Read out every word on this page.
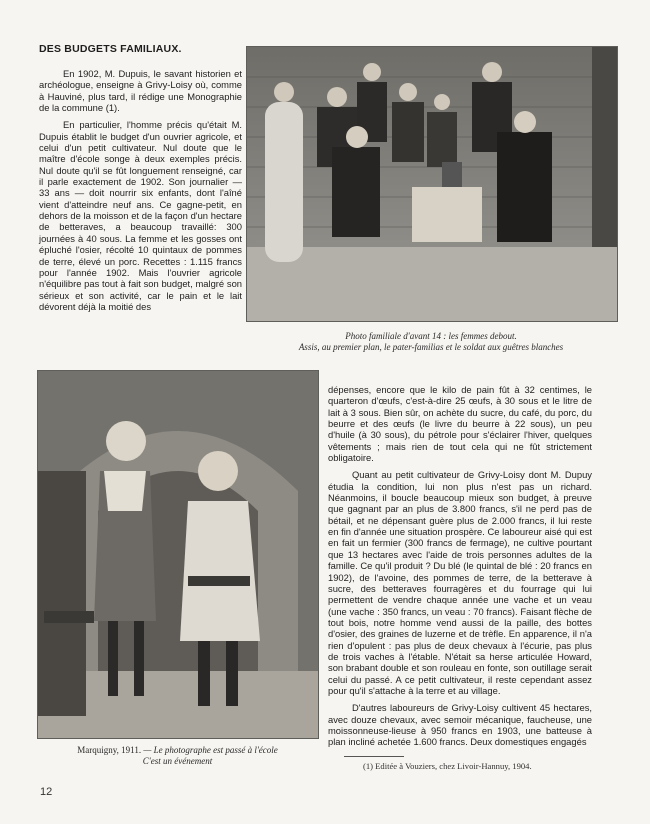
DES BUDGETS FAMILIAUX.

En 1902, M. Dupuis, le savant historien et archéologue, enseigne à Grivy-Loisy où, comme à Hauviné, plus tard, il rédige une Monographie de la commune (1).

En particulier, l'homme précis qu'était M. Dupuis établit le budget d'un ouvrier agricole, et celui d'un petit cultivateur. Nul doute que le maître d'école songe à deux exemples précis. Nul doute qu'il se fût longuement renseigné, car il parle exactement de 1902. Son journalier — 33 ans — doit nourrir six enfants, dont l'aîné vient d'atteindre neuf ans. Ce gagne-petit, en dehors de la moisson et de la façon d'un hectare de betteraves, a beaucoup travaillé: 300 journées à 40 sous. La femme et les gosses ont épluché l'osier, récolté 10 quintaux de pommes de terre, élevé un porc. Recettes : 1.115 francs pour l'année 1902. Mais l'ouvrier agricole n'équilibre pas tout à fait son budget, malgré son sérieux et son activité, car le pain et le lait dévorent déjà la moitié des

Photo familiale d'avant 14 : les femmes debout.
Assis, au premier plan, le pater-familias et le soldat aux guêtres blanches
Marquigny, 1911. — Le photographe est passé à l'école
C'est un événement

dépenses, encore que le kilo de pain fût à 32 centimes, le quarteron d'œufs, c'est-à-dire 25 œufs, à 30 sous et le litre de lait à 3 sous. Bien sûr, on achète du sucre, du café, du porc, du beurre et des œufs (le livre du beurre à 22 sous), un peu d'huile (à 30 sous), du pétrole pour s'éclairer l'hiver, quelques vêtements ; mais rien de tout cela qui ne fût strictement obligatoire.

Quant au petit cultivateur de Grivy-Loisy dont M. Dupuy étudia la condition, lui non plus n'est pas un richard. Néanmoins, il boucle beaucoup mieux son budget, à preuve que gagnant par an plus de 3.800 francs, s'il ne perd pas de bétail, et ne dépensant guère plus de 2.000 francs, il lui reste en fin d'année une situation prospère. Ce laboureur aisé qui est en fait un fermier (300 francs de fermage), ne cultive pourtant que 13 hectares avec l'aide de trois personnes adultes de la famille. Ce qu'il produit ? Du blé (le quintal de blé : 20 francs en 1902), de l'avoine, des pommes de terre, de la betterave à sucre, des betteraves fourragères et du fourrage qui lui permettent de vendre chaque année une vache et un veau (une vache : 350 francs, un veau : 70 francs). Faisant flèche de tout bois, notre homme vend aussi de la paille, des bottes d'osier, des graines de luzerne et de trèfle. En apparence, il n'a rien d'opulent : pas plus de deux chevaux à l'écurie, pas plus de trois vaches à l'étable. N'était sa herse articulée Howard, son brabant double et son rouleau en fonte, son outillage serait celui du passé. A ce petit cultivateur, il reste cependant assez pour qu'il s'attache à la terre et au village.

D'autres laboureurs de Grivy-Loisy cultivent 45 hectares, avec douze chevaux, avec semoir mécanique, faucheuse, une moissonneuse-lieuse à 950 francs en 1903, une batteuse à plan incliné achetée 1.600 francs. Deux domestiques engagés

(1) Editée à Vouziers, chez Livoir-Hannuy, 1904.
12
